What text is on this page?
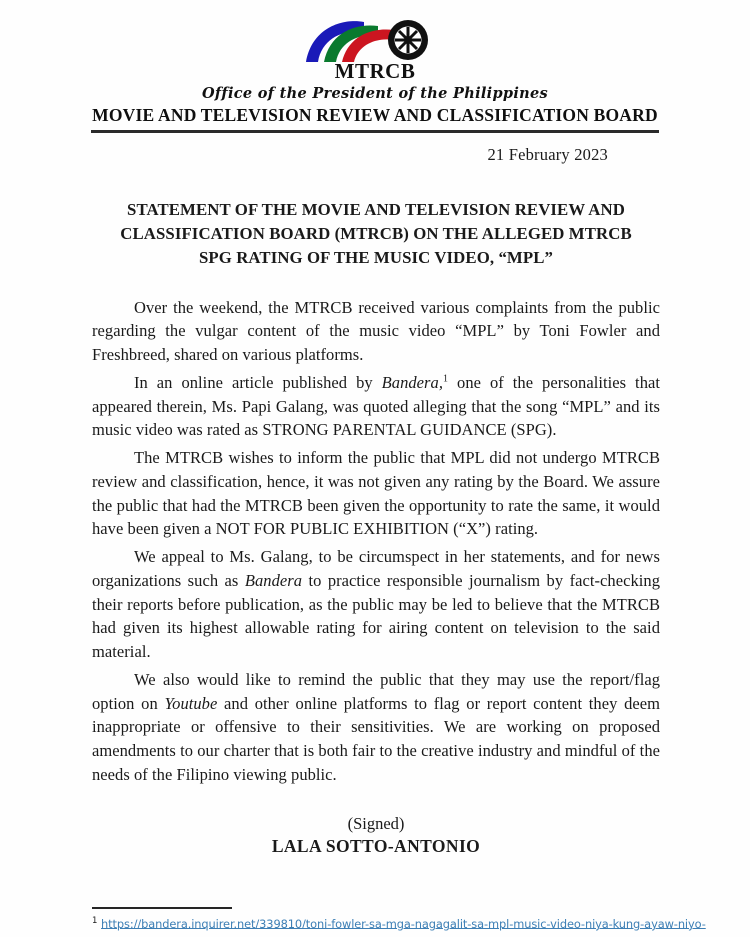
MTRCB
Office of the President of the Philippines
MOVIE AND TELEVISION REVIEW AND CLASSIFICATION BOARD
21 February 2023
STATEMENT OF THE MOVIE AND TELEVISION REVIEW AND
CLASSIFICATION BOARD (MTRCB) ON THE ALLEGED MTRCB
SPG RATING OF THE MUSIC VIDEO, “MPL”

Over the weekend, the MTRCB received various complaints from the public regarding the vulgar content of the music video “MPL” by Toni Fowler and Freshbreed, shared on various platforms.

In an online article published by Bandera,$^1$ one of the personalities that appeared therein, Ms. Papi Galang, was quoted alleging that the song “MPL” and its music video was rated as STRONG PARENTAL GUIDANCE (SPG).

The MTRCB wishes to inform the public that MPL did not undergo MTRCB review and classification, hence, it was not given any rating by the Board. We assure the public that had the MTRCB been given the opportunity to rate the same, it would have been given a NOT FOR PUBLIC EXHIBITION (“X”) rating.

We appeal to Ms. Galang, to be circumspect in her statements, and for news organizations such as Bandera to practice responsible journalism by fact-checking their reports before publication, as the public may be led to believe that the MTRCB had given its highest allowable rating for airing content on television to the said material.

We also would like to remind the public that they may use the report/flag option on Youtube and other online platforms to flag or report content they deem inappropriate or offensive to their sensitivities. We are working on proposed amendments to our charter that is both fair to the creative industry and mindful of the needs of the Filipino viewing public.

(Signed)
LALA SOTTO-ANTONIO
$^1$ https://bandera.inquirer.net/339810/toni-fowler-sa-mga-nagagalit-sa-mpl-music-video-niya-kung-ayaw-niyo-
